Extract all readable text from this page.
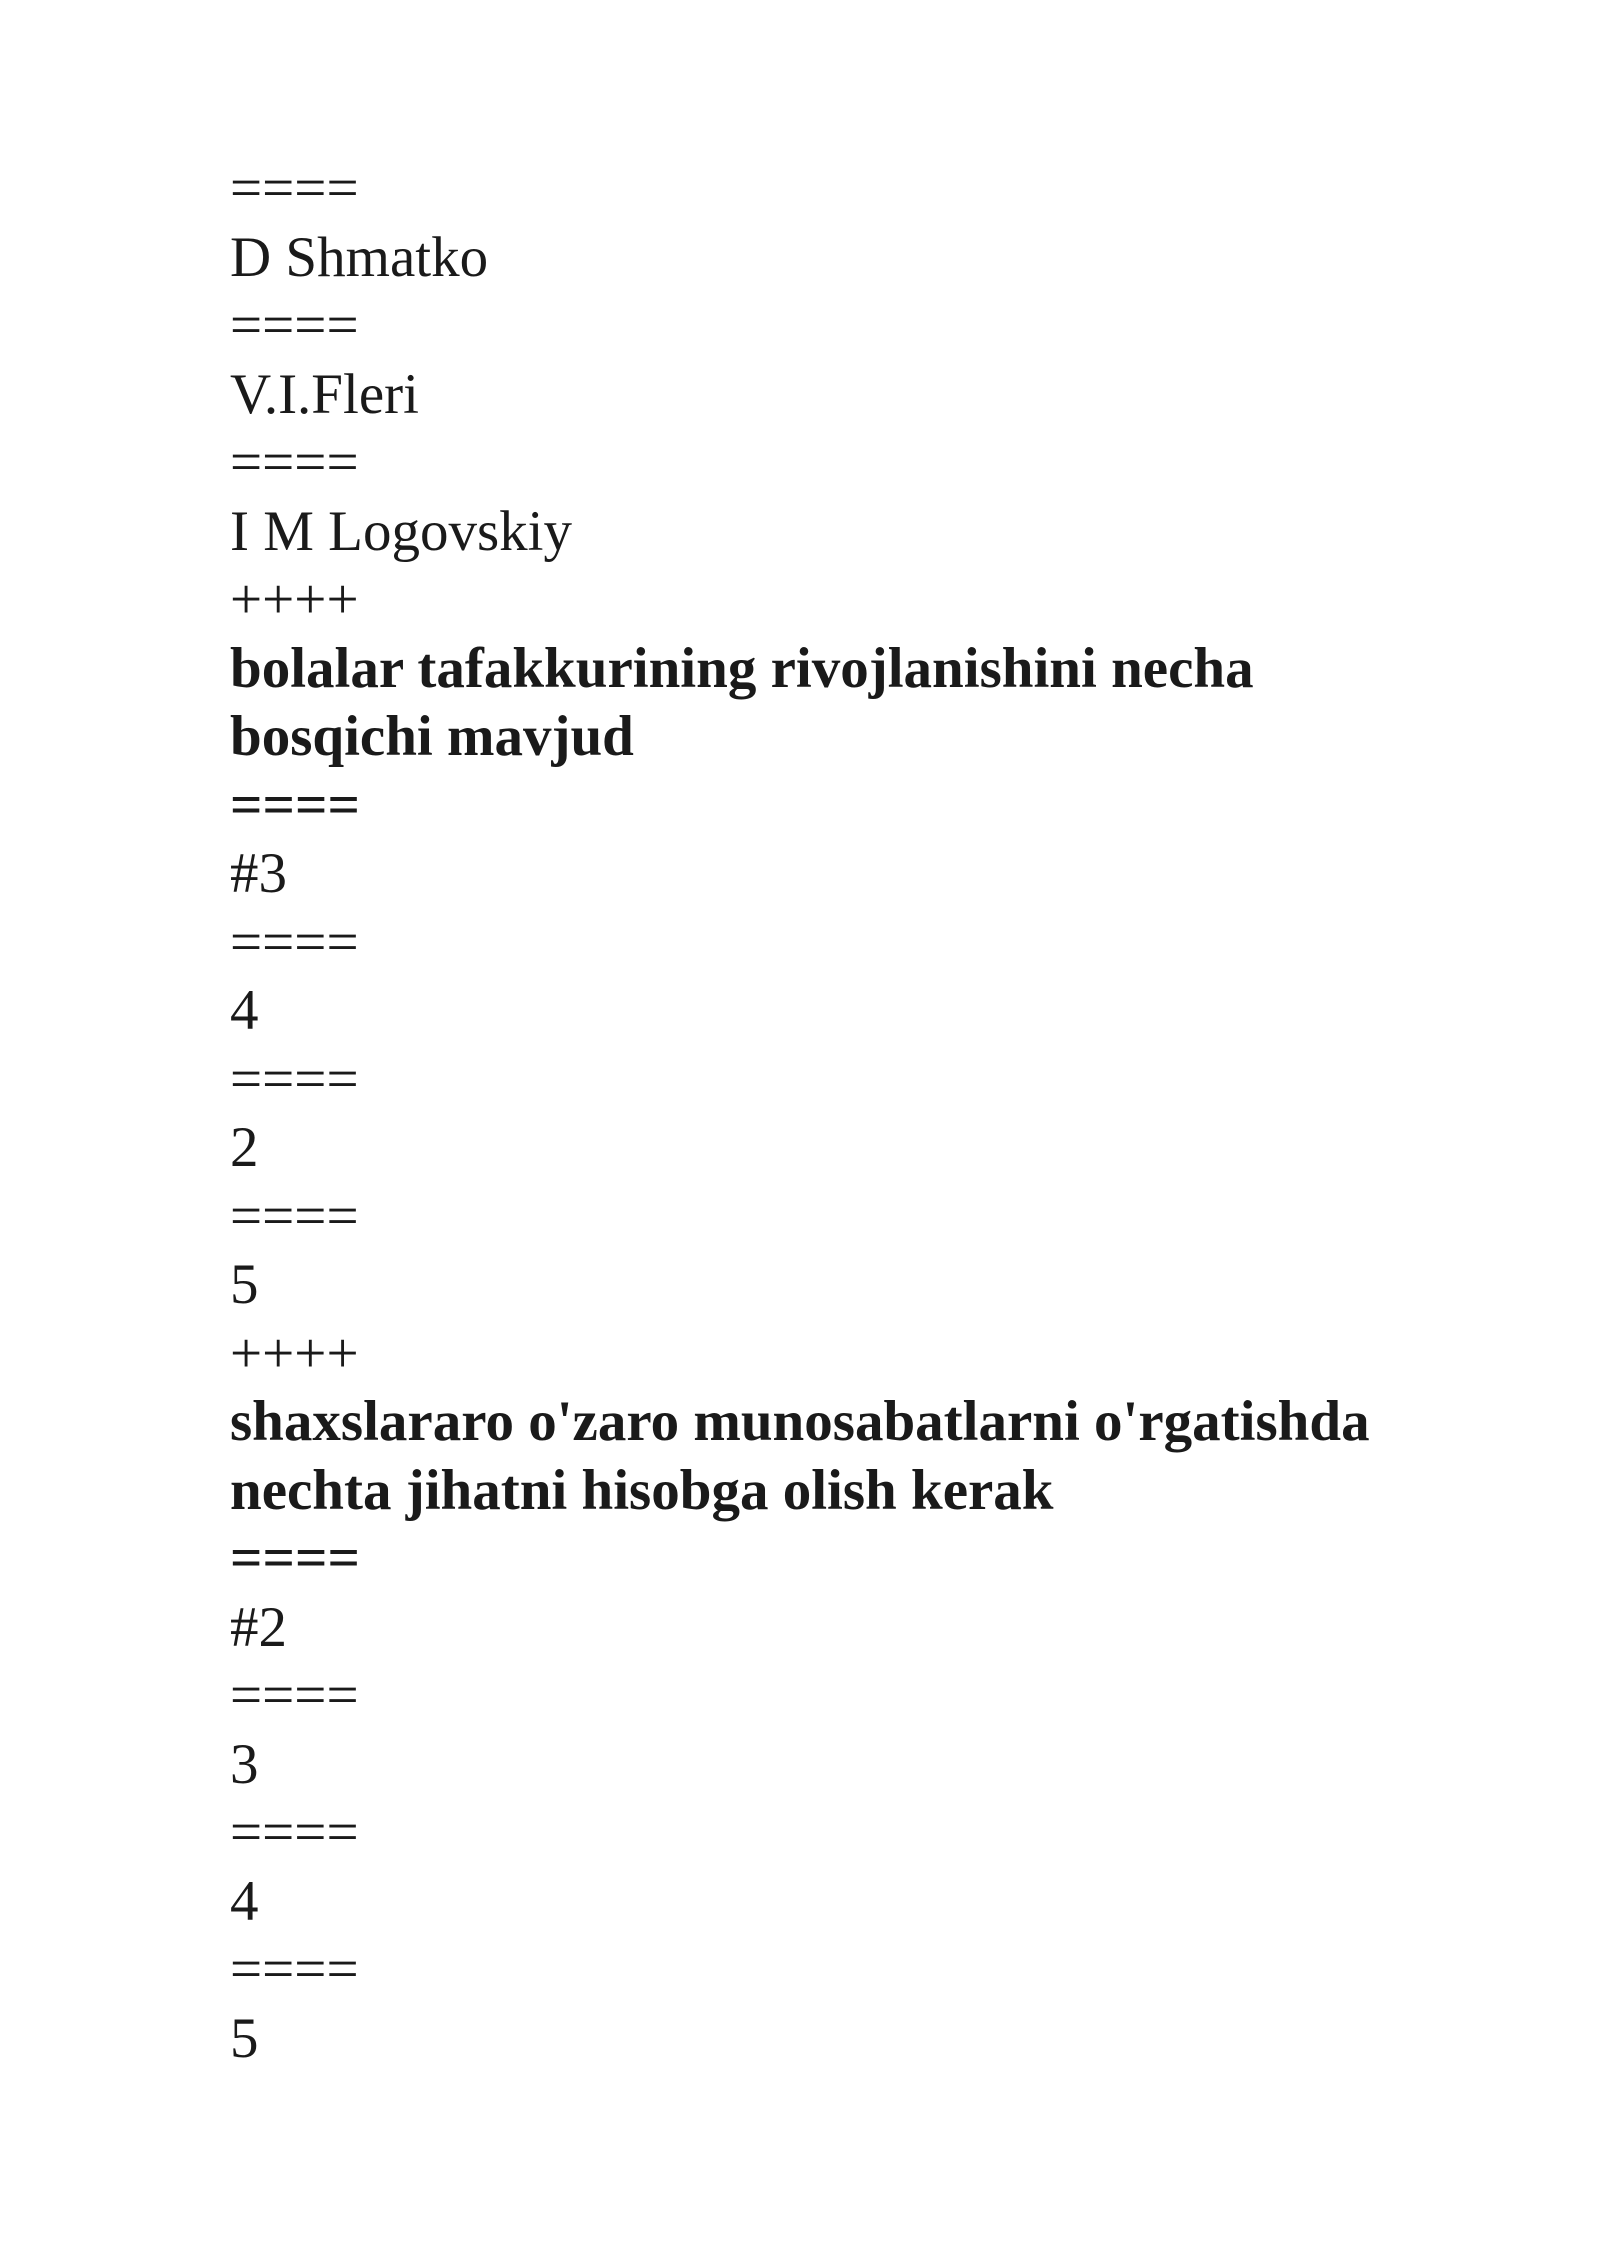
====
D Shmatko
====
V.I.Fleri
====
I M Logovskiy
++++
bolalar tafakkurining rivojlanishini necha
bosqichi mavjud
====
#3
====
4
====
2
====
5
++++
shaxslararo o'zaro munosabatlarni o'rgatishda
nechta jihatni hisobga olish kerak
====
#2
====
3
====
4
====
5
